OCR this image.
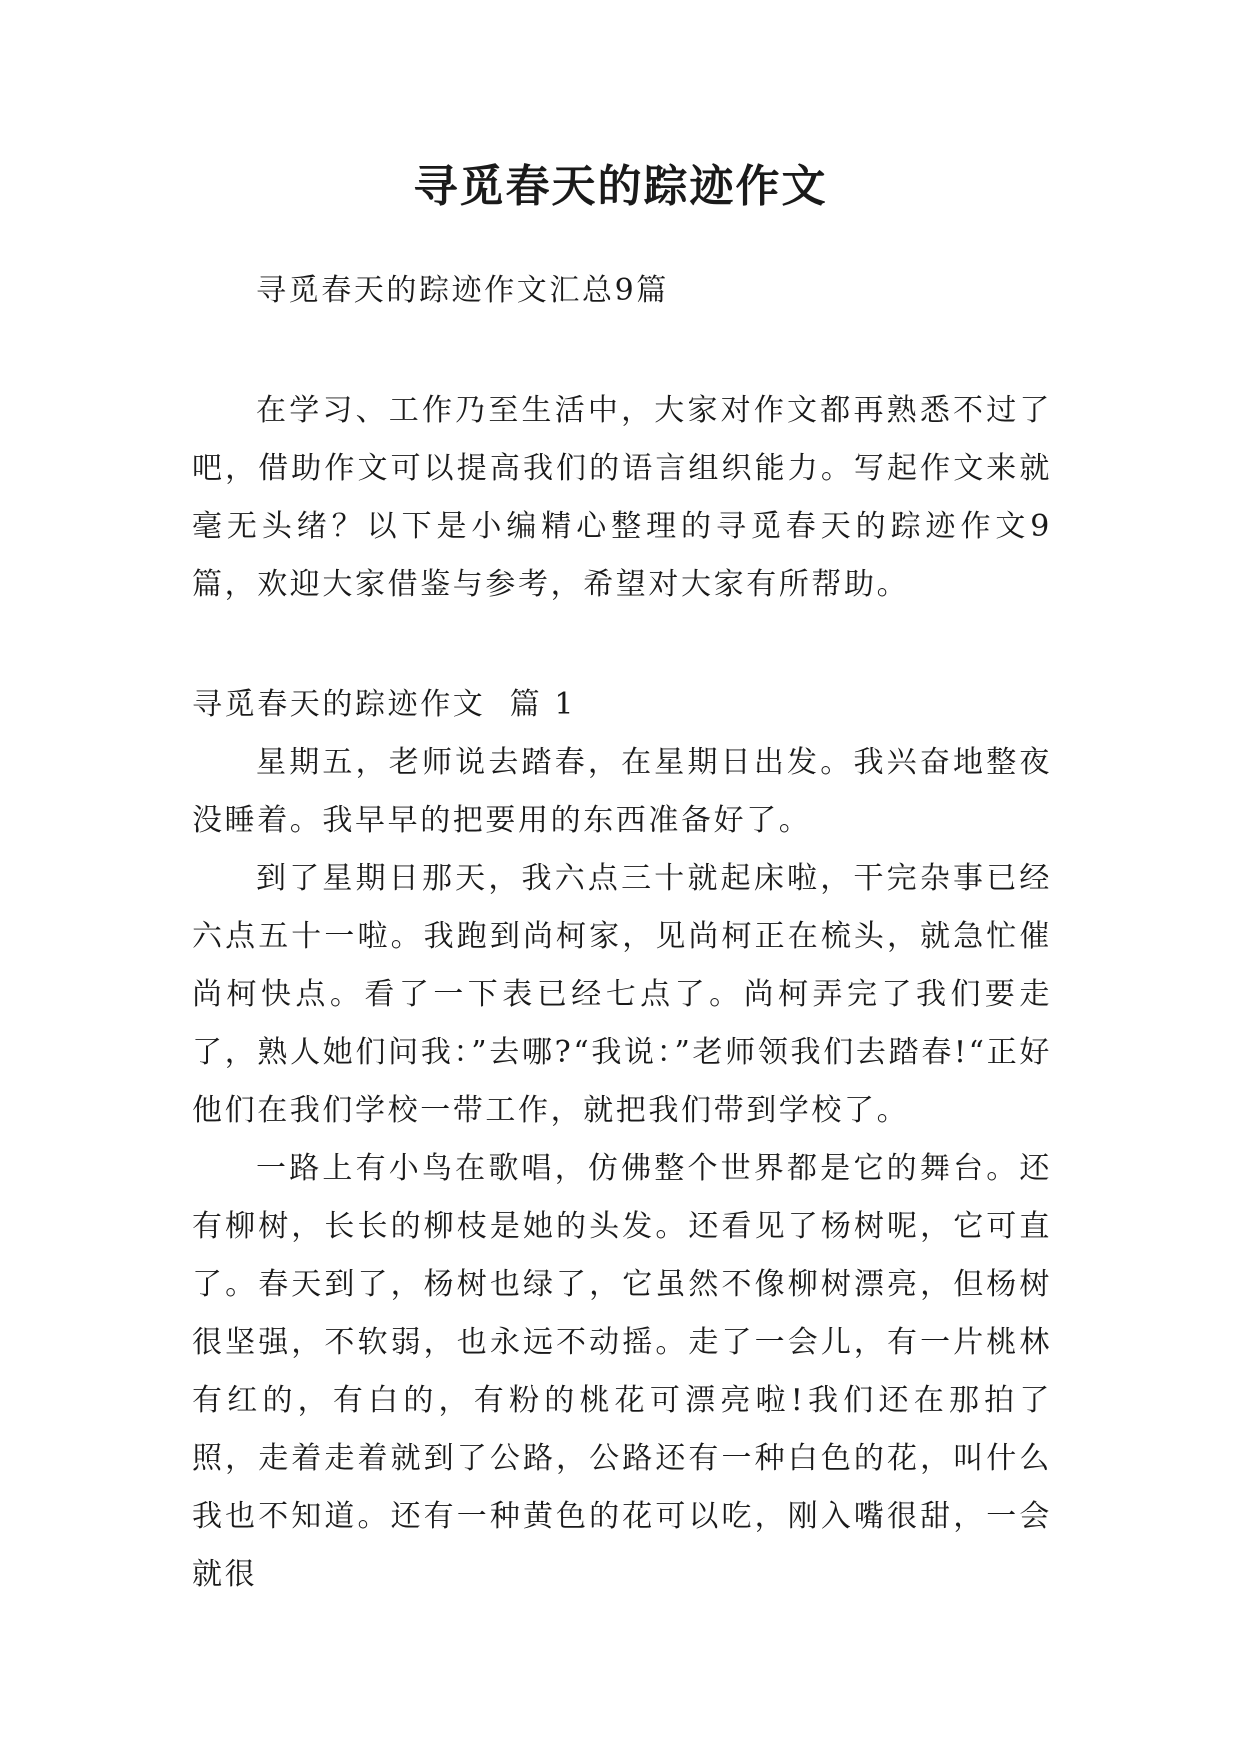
寻觅春天的踪迹作文

寻觅春天的踪迹作文汇总9篇

在学习、工作乃至生活中，大家对作文都再熟悉不过了吧，借助作文可以提高我们的语言组织能力。写起作文来就毫无头绪？以下是小编精心整理的寻觅春天的踪迹作文9篇，欢迎大家借鉴与参考，希望对大家有所帮助。

寻觅春天的踪迹作文  篇 1

星期五，老师说去踏春，在星期日出发。我兴奋地整夜没睡着。我早早的把要用的东西准备好了。

到了星期日那天，我六点三十就起床啦，干完杂事已经六点五十一啦。我跑到尚柯家，见尚柯正在梳头，就急忙催尚柯快点。看了一下表已经七点了。尚柯弄完了我们要走了，熟人她们问我：”去哪?“我说：”老师领我们去踏春!“正好他们在我们学校一带工作，就把我们带到学校了。

一路上有小鸟在歌唱，仿佛整个世界都是它的舞台。还有柳树，长长的柳枝是她的头发。还看见了杨树呢，它可直了。春天到了，杨树也绿了，它虽然不像柳树漂亮，但杨树很坚强，不软弱，也永远不动摇。走了一会儿，有一片桃林有红的，有白的，有粉的桃花可漂亮啦!我们还在那拍了照，走着走着就到了公路，公路还有一种白色的花，叫什么我也不知道。还有一种黄色的花可以吃，刚入嘴很甜，一会就很
